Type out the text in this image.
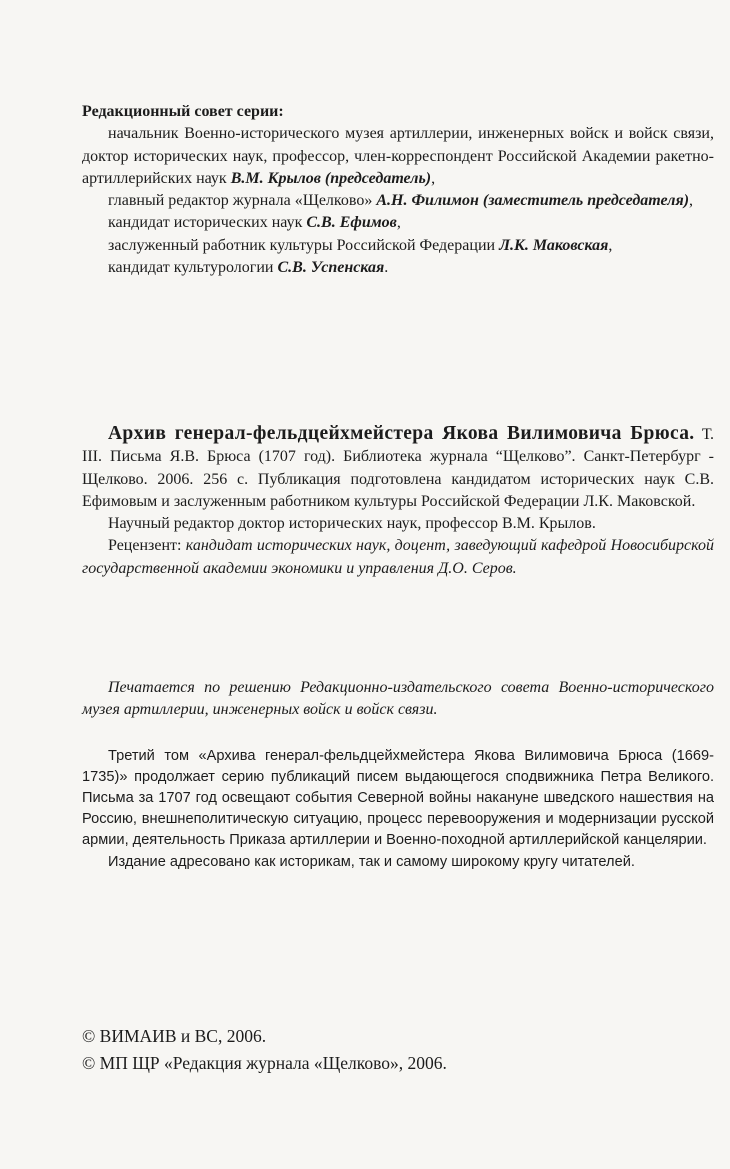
Редакционный совет серии:

начальник Военно-исторического музея артиллерии, инженерных войск и войск связи, доктор исторических наук, профессор, член-корреспондент Российской Академии ракетно-артиллерийских наук В.М. Крылов (председатель),

главный редактор журнала «Щелково» А.Н. Филимон (заместитель председателя),

кандидат исторических наук С.В. Ефимов,

заслуженный работник культуры Российской Федерации Л.К. Маковская,

кандидат культурологии С.В. Успенская.

Архив генерал-фельдцейхмейстера Якова Вилимовича Брюса. Т. III. Письма Я.В. Брюса (1707 год). Библиотека журнала “Щелково”. Санкт-Петербург - Щелково. 2006. 256 с. Публикация подготовлена кандидатом исторических наук С.В. Ефимовым и заслуженным работником культуры Российской Федерации Л.К. Маковской.

Научный редактор доктор исторических наук, профессор В.М. Крылов.

Рецензент: кандидат исторических наук, доцент, заведующий кафедрой Новосибирской государственной академии экономики и управления Д.О. Серов.

Печатается по решению Редакционно-издательского совета Военно-исторического музея артиллерии, инженерных войск и войск связи.

Третий том «Архива генерал-фельдцейхмейстера Якова Вилимовича Брюса (1669-1735)» продолжает серию публикаций писем выдающегося сподвижника Петра Великого. Письма за 1707 год освещают события Северной войны накануне шведского нашествия на Россию, внешнеполитическую ситуацию, процесс перевооружения и модернизации русской армии, деятельность Приказа артиллерии и Военно-походной артиллерийской канцелярии.

Издание адресовано как историкам, так и самому широкому кругу читателей.

© ВИМАИВ и ВС, 2006.

© МП ЩР «Редакция журнала «Щелково», 2006.
